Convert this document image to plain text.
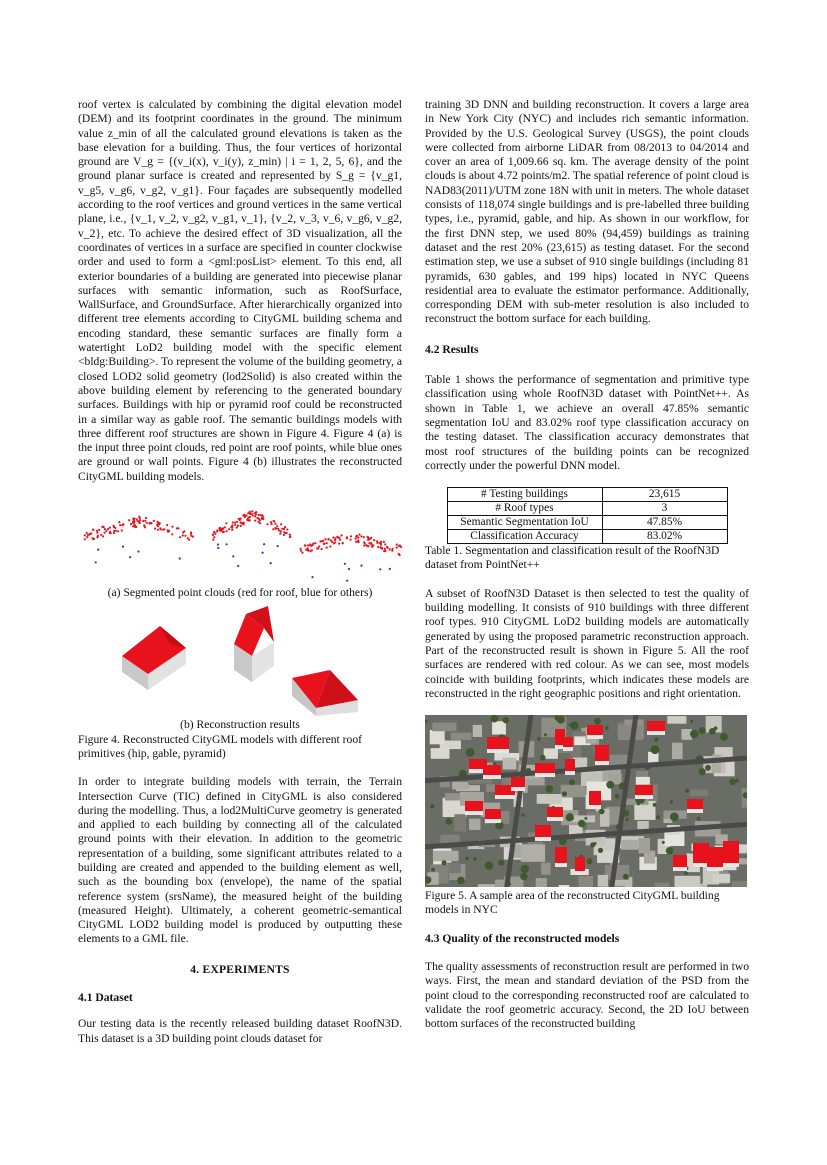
roof vertex is calculated by combining the digital elevation model (DEM) and its footprint coordinates in the ground. The minimum value z_min of all the calculated ground elevations is taken as the base elevation for a building. Thus, the four vertices of horizontal ground are V_g = {(v_i(x), v_i(y), z_min) | i = 1, 2, 5, 6}, and the ground planar surface is created and represented by S_g = {v_g1, v_g5, v_g6, v_g2, v_g1}. Four façades are subsequently modelled according to the roof vertices and ground vertices in the same vertical plane, i.e., {v_1, v_2, v_g2, v_g1, v_1}, {v_2, v_3, v_6, v_g6, v_g2, v_2}, etc. To achieve the desired effect of 3D visualization, all the coordinates of vertices in a surface are specified in counter clockwise order and used to form a <gml:posList> element. To this end, all exterior boundaries of a building are generated into piecewise planar surfaces with semantic information, such as RoofSurface, WallSurface, and GroundSurface. After hierarchically organized into different tree elements according to CityGML building schema and encoding standard, these semantic surfaces are finally form a watertight LoD2 building model with the specific element <bldg:Building>. To represent the volume of the building geometry, a closed LOD2 solid geometry (lod2Solid) is also created within the above building element by referencing to the generated boundary surfaces. Buildings with hip or pyramid roof could be reconstructed in a similar way as gable roof. The semantic buildings models with three different roof structures are shown in Figure 4. Figure 4 (a) is the input three point clouds, red point are roof points, while blue ones are ground or wall points. Figure 4 (b) illustrates the reconstructed CityGML building models.

(a) Segmented point clouds (red for roof, blue for others)

(b) Reconstruction results

Figure 4. Reconstructed CityGML models with different roof primitives (hip, gable, pyramid)

In order to integrate building models with terrain, the Terrain Intersection Curve (TIC) defined in CityGML is also considered during the modelling. Thus, a lod2MultiCurve geometry is generated and applied to each building by connecting all of the calculated ground points with their elevation. In addition to the geometric representation of a building, some significant attributes related to a building are created and appended to the building element as well, such as the bounding box (envelope), the name of the spatial reference system (srsName), the measured height of the building (measured Height). Ultimately, a coherent geometric-semantical CityGML LOD2 building model is produced by outputting these elements to a GML file.

4. EXPERIMENTS
4.1 Dataset

Our testing data is the recently released building dataset RoofN3D. This dataset is a 3D building point clouds dataset for

training 3D DNN and building reconstruction. It covers a large area in New York City (NYC) and includes rich semantic information. Provided by the U.S. Geological Survey (USGS), the point clouds were collected from airborne LiDAR from 08/2013 to 04/2014 and cover an area of 1,009.66 sq. km. The average density of the point clouds is about 4.72 points/m2. The spatial reference of point cloud is NAD83(2011)/UTM zone 18N with unit in meters. The whole dataset consists of 118,074 single buildings and is pre-labelled three building types, i.e., pyramid, gable, and hip. As shown in our workflow, for the first DNN step, we used 80% (94,459) buildings as training dataset and the rest 20% (23,615) as testing dataset. For the second estimation step, we use a subset of 910 single buildings (including 81 pyramids, 630 gables, and 199 hips) located in NYC Queens residential area to evaluate the estimator performance. Additionally, corresponding DEM with sub-meter resolution is also included to reconstruct the bottom surface for each building.

4.2 Results

Table 1 shows the performance of segmentation and primitive type classification using whole RoofN3D dataset with PointNet++. As shown in Table 1, we achieve an overall 47.85% semantic segmentation IoU and 83.02% roof type classification accuracy on the testing dataset. The classification accuracy demonstrates that most roof structures of the building points can be recognized correctly under the powerful DNN model.

# Testing buildings	23,615
# Roof types	3
Semantic Segmentation IoU	47.85%
Classification Accuracy	83.02%

Table 1. Segmentation and classification result of the RoofN3D dataset from PointNet++

A subset of RoofN3D Dataset is then selected to test the quality of building modelling. It consists of 910 buildings with three different roof types. 910 CityGML LoD2 building models are automatically generated by using the proposed parametric reconstruction approach. Part of the reconstructed result is shown in Figure 5. All the roof surfaces are rendered with red colour. As we can see, most models coincide with building footprints, which indicates these models are reconstructed in the right geographic positions and right orientation.

Figure 5. A sample area of the reconstructed CityGML building models in NYC

4.3 Quality of the reconstructed models

The quality assessments of reconstruction result are performed in two ways. First, the mean and standard deviation of the PSD from the point cloud to the corresponding reconstructed roof are calculated to validate the roof geometric accuracy. Second, the 2D IoU between bottom surfaces of the reconstructed building
